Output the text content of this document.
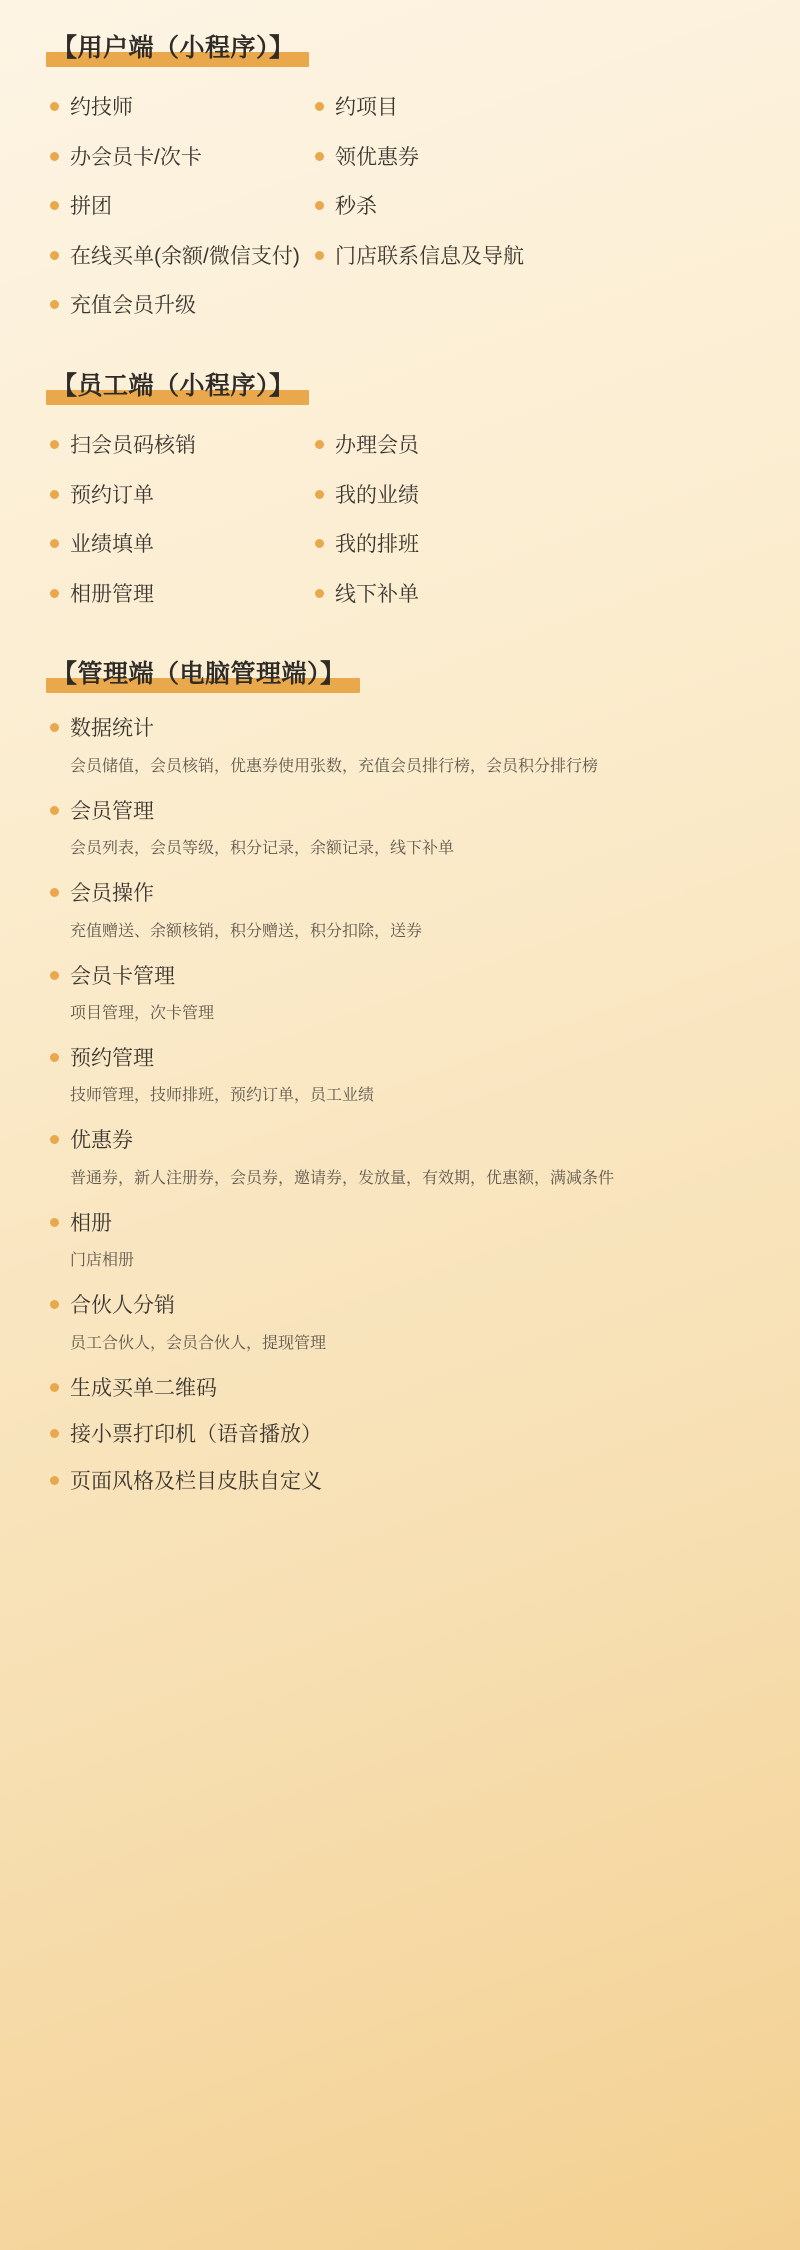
【用户端（小程序）】
约技师	约项目
办会员卡/次卡	领优惠券
拼团	秒杀
在线买单(余额/微信支付) 门店联系信息及导航
充值会员升级
【员工端（小程序）】
扫会员码核销	办理会员
预约订单	我的业绩
业绩填单	我的排班
相册管理	线下补单
【管理端（电脑管理端）】
数据统计
会员储值，会员核销，优惠券使用张数，充值会员排行榜，会员积分排行榜
会员管理
会员列表，会员等级，积分记录，余额记录，线下补单
会员操作
充值赠送、余额核销，积分赠送，积分扣除，送券
会员卡管理
项目管理，次卡管理
预约管理
技师管理，技师排班，预约订单，员工业绩
优惠券
普通券，新人注册券，会员券，邀请券，发放量，有效期，优惠额，满减条件
相册
门店相册
合伙人分销
员工合伙人，会员合伙人，提现管理
生成买单二维码
接小票打印机（语音播放）
页面风格及栏目皮肤自定义
